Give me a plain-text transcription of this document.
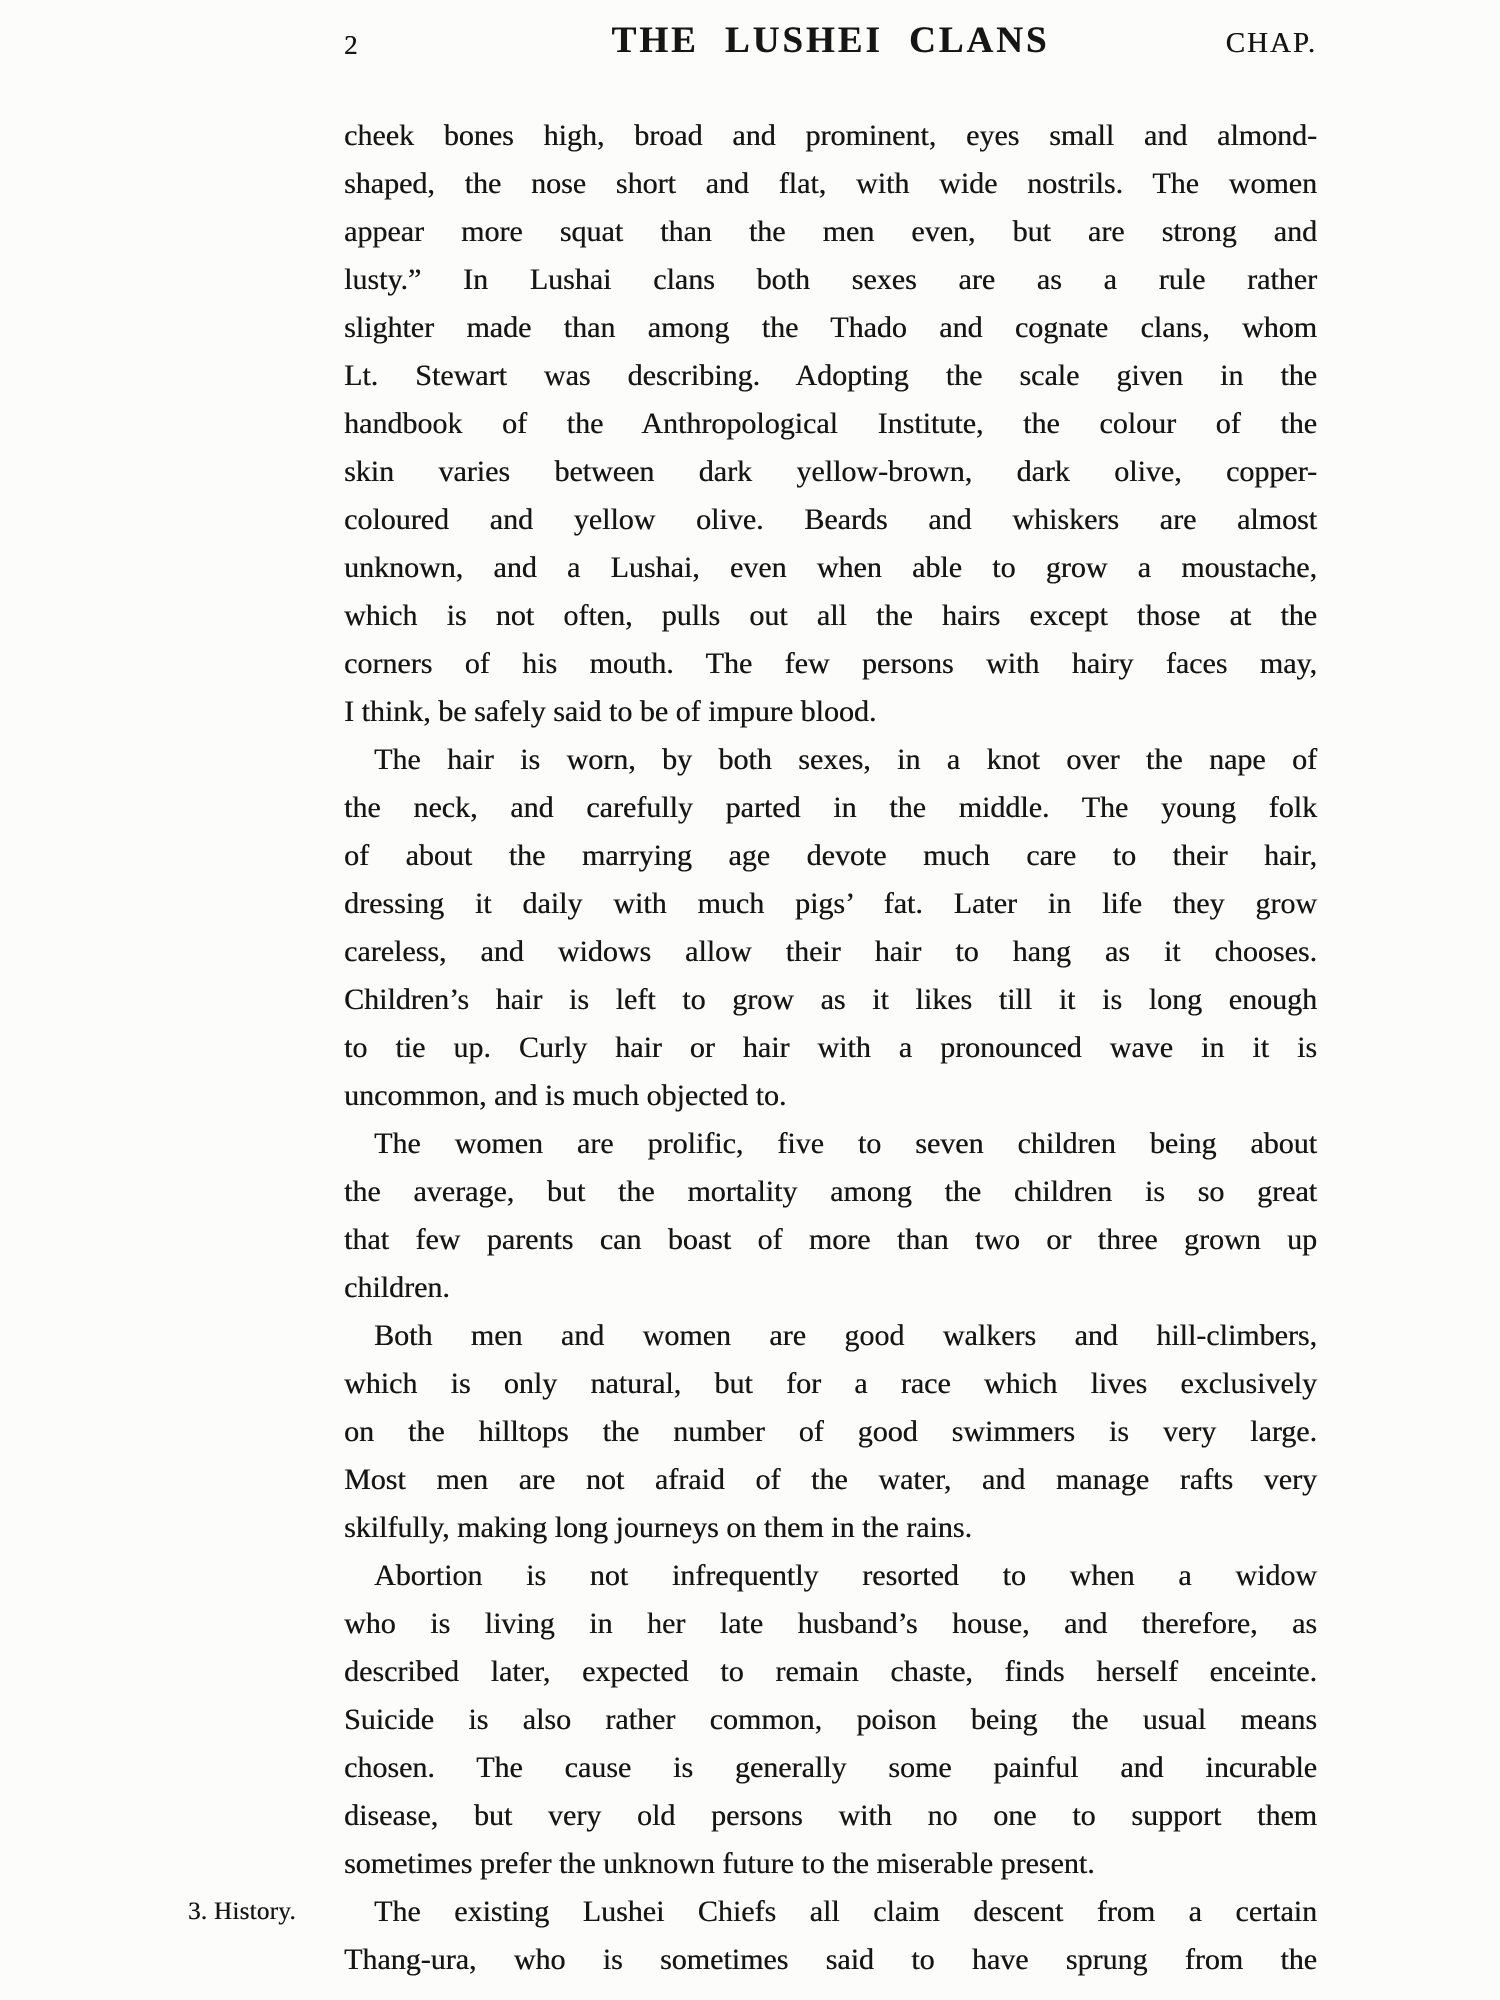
2	THE LUSHEI CLANS	CHAP.
cheek bones high, broad and prominent, eyes small and almond-
shaped, the nose short and flat, with wide nostrils. The women
appear more squat than the men even, but are strong and
lusty.” In Lushai clans both sexes are as a rule rather
slighter made than among the Thado and cognate clans, whom
Lt. Stewart was describing. Adopting the scale given in the
handbook of the Anthropological Institute, the colour of the
skin varies between dark yellow-brown, dark olive, copper-
coloured and yellow olive. Beards and whiskers are almost
unknown, and a Lushai, even when able to grow a moustache,
which is not often, pulls out all the hairs except those at the
corners of his mouth. The few persons with hairy faces may,
I think, be safely said to be of impure blood.
The hair is worn, by both sexes, in a knot over the nape of
the neck, and carefully parted in the middle. The young folk
of about the marrying age devote much care to their hair,
dressing it daily with much pigs’ fat. Later in life they grow
careless, and widows allow their hair to hang as it chooses.
Children’s hair is left to grow as it likes till it is long enough
to tie up. Curly hair or hair with a pronounced wave in it is
uncommon, and is much objected to.
The women are prolific, five to seven children being about
the average, but the mortality among the children is so great
that few parents can boast of more than two or three grown up
children.
Both men and women are good walkers and hill-climbers,
which is only natural, but for a race which lives exclusively
on the hilltops the number of good swimmers is very large.
Most men are not afraid of the water, and manage rafts very
skilfully, making long journeys on them in the rains.
Abortion is not infrequently resorted to when a widow
who is living in her late husband’s house, and therefore, as
described later, expected to remain chaste, finds herself enceinte.
Suicide is also rather common, poison being the usual means
chosen. The cause is generally some painful and incurable
disease, but very old persons with no one to support them
sometimes prefer the unknown future to the miserable present.
The existing Lushei Chiefs all claim descent from a certain
Thang-ura, who is sometimes said to have sprung from the
3. History.
